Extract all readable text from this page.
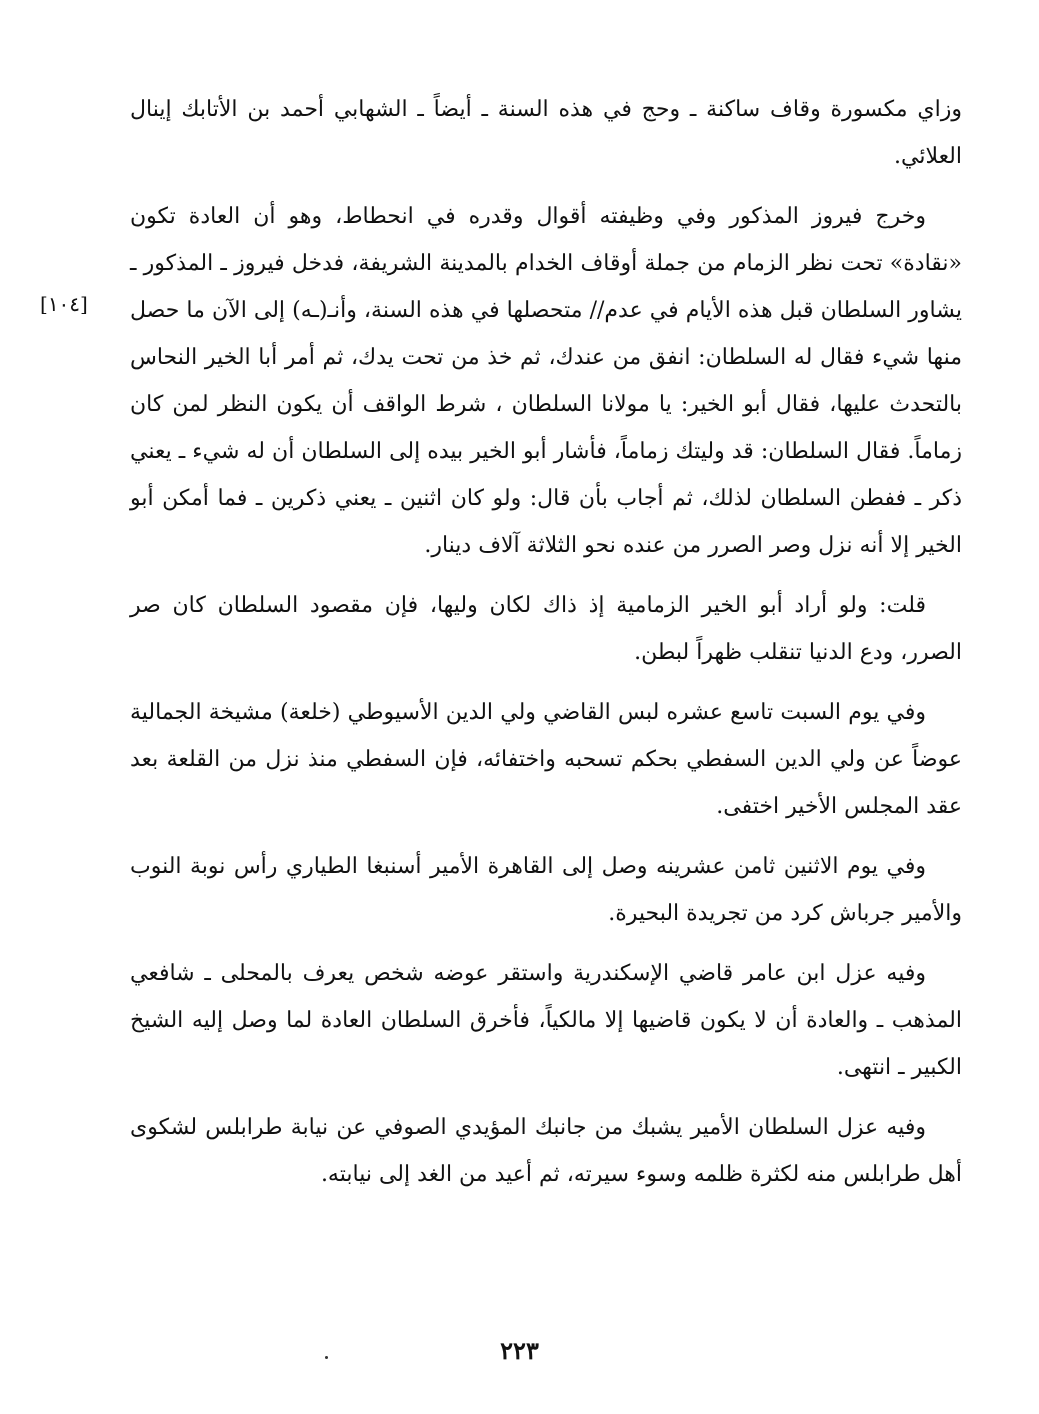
وزاي مكسورة وقاف ساكنة ـ وحج في هذه السنة ـ أيضاً ـ الشهابي أحمد بن الأتابك إينال العلائي.

وخرج فيروز المذكور وفي وظيفته أقوال وقدره في انحطاط، وهو أن العادة تكون «نقادة» تحت نظر الزمام من جملة أوقاف الخدام بالمدينة الشريفة، فدخل فيروز ـ المذكور ـ يشاور السلطان قبل هذه الأيام في عدم// متحصلها في هذه السنة، وأنـ(ـه) إلى الآن ما حصل منها شيء فقال له السلطان: انفق من عندك، ثم خذ من تحت يدك، ثم أمر أبا الخير النحاس بالتحدث عليها، فقال أبو الخير: يا مولانا السلطان ، شرط الواقف أن يكون النظر لمن كان زماماً. فقال السلطان: قد وليتك زماماً، فأشار أبو الخير بيده إلى السلطان أن له شيء ـ يعني ذكر ـ ففطن السلطان لذلك، ثم أجاب بأن قال: ولو كان اثنين ـ يعني ذكرين ـ فما أمكن أبو الخير إلا أنه نزل وصر الصرر من عنده نحو الثلاثة آلاف دينار.

قلت: ولو أراد أبو الخير الزمامية إذ ذاك لكان وليها، فإن مقصود السلطان كان صر الصرر، ودع الدنيا تنقلب ظهراً لبطن.

وفي يوم السبت تاسع عشره لبس القاضي ولي الدين الأسيوطي (خلعة) مشيخة الجمالية عوضاً عن ولي الدين السفطي بحكم تسحبه واختفائه، فإن السفطي منذ نزل من القلعة بعد عقد المجلس الأخير اختفى.

وفي يوم الاثنين ثامن عشرينه وصل إلى القاهرة الأمير أسنبغا الطياري رأس نوبة النوب والأمير جرباش كرد من تجريدة البحيرة.

وفيه عزل ابن عامر قاضي الإسكندرية واستقر عوضه شخص يعرف بالمحلى ـ شافعي المذهب ـ والعادة أن لا يكون قاضيها إلا مالكياً، فأخرق السلطان العادة لما وصل إليه الشيخ الكبير ـ انتهى.

وفيه عزل السلطان الأمير يشبك من جانبك المؤيدي الصوفي عن نيابة طرابلس لشكوى أهل طرابلس منه لكثرة ظلمه وسوء سيرته، ثم أعيد من الغد إلى نيابته.

[١٠٤]
٢٢٣
